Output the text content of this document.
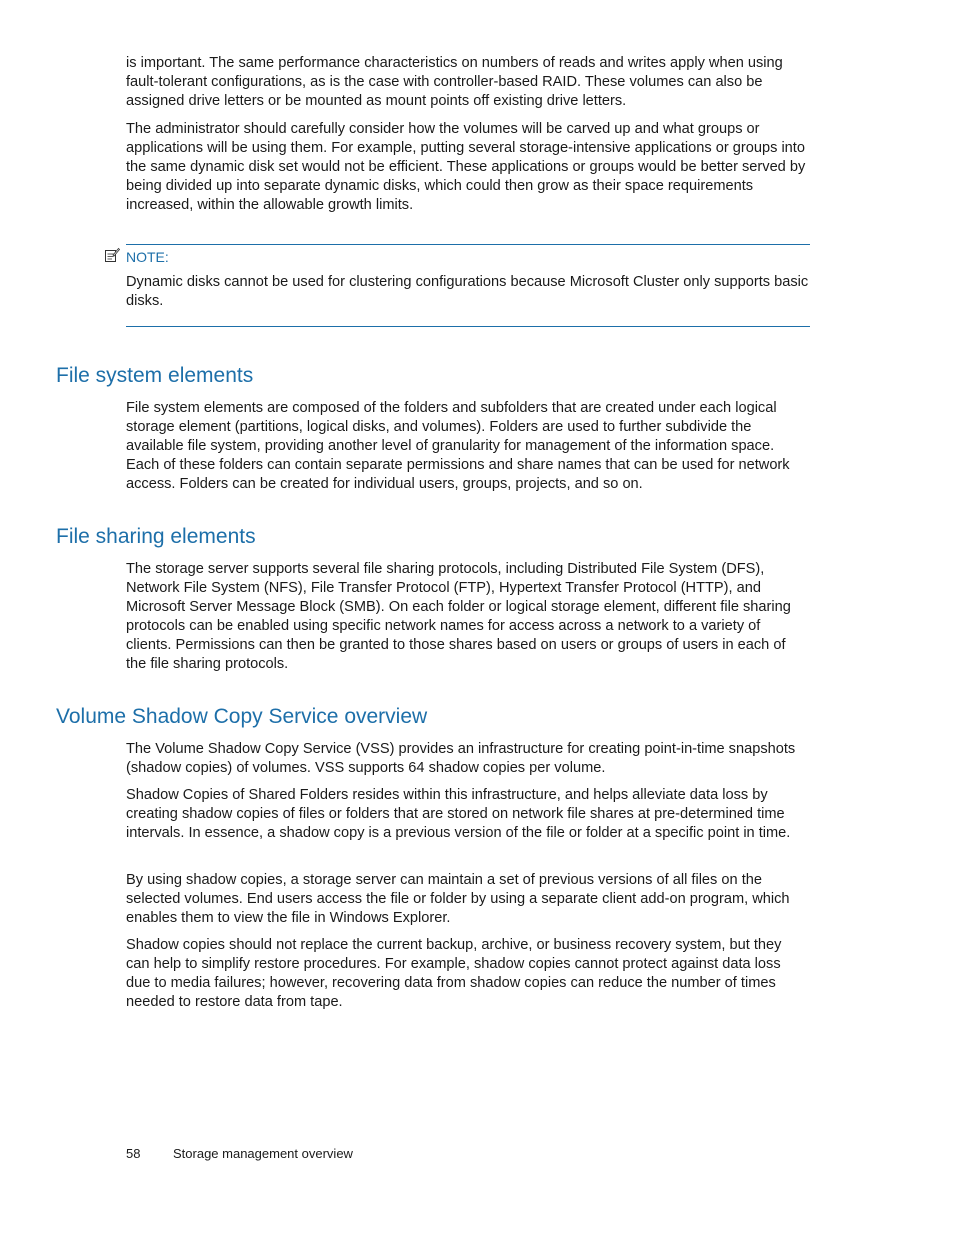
is important. The same performance characteristics on numbers of reads and writes apply when using fault-tolerant configurations, as is the case with controller-based RAID. These volumes can also be assigned drive letters or be mounted as mount points off existing drive letters.

The administrator should carefully consider how the volumes will be carved up and what groups or applications will be using them. For example, putting several storage-intensive applications or groups into the same dynamic disk set would not be efficient. These applications or groups would be better served by being divided up into separate dynamic disks, which could then grow as their space requirements increased, within the allowable growth limits.

NOTE:

Dynamic disks cannot be used for clustering configurations because Microsoft Cluster only supports basic disks.

File system elements

File system elements are composed of the folders and subfolders that are created under each logical storage element (partitions, logical disks, and volumes). Folders are used to further subdivide the available file system, providing another level of granularity for management of the information space. Each of these folders can contain separate permissions and share names that can be used for network access. Folders can be created for individual users, groups, projects, and so on.

File sharing elements

The storage server supports several file sharing protocols, including Distributed File System (DFS), Network File System (NFS), File Transfer Protocol (FTP), Hypertext Transfer Protocol (HTTP), and Microsoft Server Message Block (SMB). On each folder or logical storage element, different file sharing protocols can be enabled using specific network names for access across a network to a variety of clients. Permissions can then be granted to those shares based on users or groups of users in each of the file sharing protocols.

Volume Shadow Copy Service overview

The Volume Shadow Copy Service (VSS) provides an infrastructure for creating point-in-time snapshots (shadow copies) of volumes. VSS supports 64 shadow copies per volume.

Shadow Copies of Shared Folders resides within this infrastructure, and helps alleviate data loss by creating shadow copies of files or folders that are stored on network file shares at pre-determined time intervals. In essence, a shadow copy is a previous version of the file or folder at a specific point in time.

By using shadow copies, a storage server can maintain a set of previous versions of all files on the selected volumes. End users access the file or folder by using a separate client add-on program, which enables them to view the file in Windows Explorer.

Shadow copies should not replace the current backup, archive, or business recovery system, but they can help to simplify restore procedures. For example, shadow copies cannot protect against data loss due to media failures; however, recovering data from shadow copies can reduce the number of times needed to restore data from tape.

58	Storage management overview
